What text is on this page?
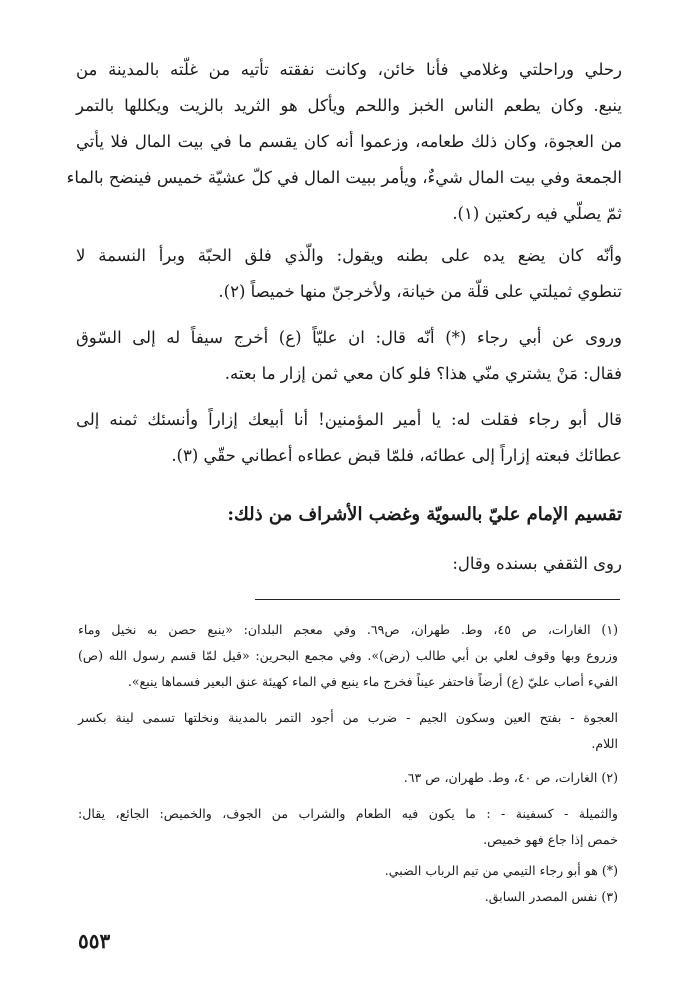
رحلي وراحلتي وغلامي فأنا خائن، وكانت نفقته تأتيه من غلّته بالمدينة من

ينبع. وكان يطعم الناس الخبز واللحم ويأكل هو الثريد بالزيت ويكللها بالتمر

من العجوة، وكان ذلك طعامه، وزعموا أنه كان يقسم ما في بيت المال فلا يأتي

الجمعة وفي بيت المال شيءٌ، ويأمر ببيت المال في كلّ عشيّة خميس فينضح بالماء

ثمّ يصلّي فيه ركعتين (١).

وأنّه كان يضع يده على بطنه ويقول: والّذي فلق الحبّة وبرأ النسمة لا

تنطوي ثميلتي على قلّة من خيانة، ولأخرجنّ منها خميصاً (٢).

وروى عن أبي رجاء (*) أنّه قال: ان عليّاً (ع) أخرج سيفاً له إلى السّوق

فقال: مَنْ يشتري منّي هذا؟ فلو كان معي ثمن إزار ما بعته.

قال أبو رجاء فقلت له: يا أمير المؤمنين! أنا أبيعك إزاراً وأنسئك ثمنه إلى

عطائك فبعته إزاراً إلى عطائه، فلمّا قبض عطاءه أعطاني حقّي (٣).

تقسيم الإمام عليّ بالسويّة وغضب الأشراف من ذلك:

روى الثقفي بسنده وقال:

(١) الغارات، ص ٤٥، وط. طهران، ص٦٩. وفي معجم البلدان: «ينبع حصن به نخيل وماء

وزروع وبها وقوف لعلي بن أبي طالب (رض)». وفي مجمع البحرين: «قيل لمّا قسم رسول الله (ص)

الفيء أصاب عليّ (ع) أرضاً فاحتفر عيناً فخرج ماء ينبع في الماء كهيئة عنق البعير فسماها ينبع».

العجوة - بفتح العين وسكون الجيم - ضرب من أجود التمر بالمدينة ونخلتها تسمى لينة بكسر

اللام.

(٢) الغارات، ص ٤٠، وط. طهران، ص ٦٣.

والثميلة - كسفينة - : ما يكون فيه الطعام والشراب من الجوف، والخميص: الجائع، يقال:

خمص إذا جاع فهو خميص.

(*) هو أبو رجاء التيمي من تيم الرباب الضبي.

(٣) نفس المصدر السابق.

٥٥٣
